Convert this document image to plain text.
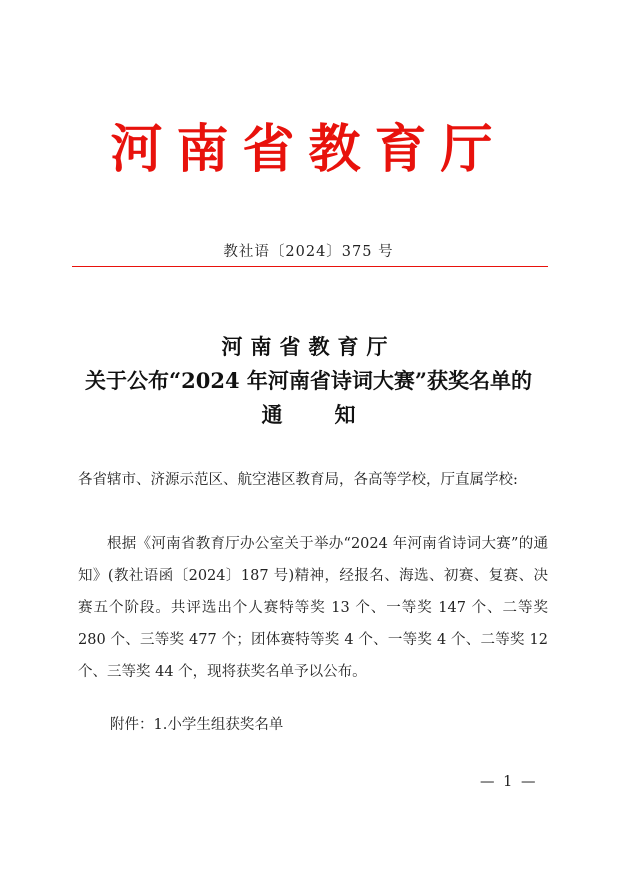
河南省教育厅
教社语〔2024〕375 号
河南省教育厅
关于公布“2024 年河南省诗词大赛”获奖名单的
通知
各省辖市、济源示范区、航空港区教育局，各高等学校，厅直属学校:
根据《河南省教育厅办公室关于举办“2024 年河南省诗词大赛”的通知》(教社语函〔2024〕187 号)精神，经报名、海选、初赛、复赛、决赛五个阶段。共评选出个人赛特等奖 13 个、一等奖 147 个、二等奖 280 个、三等奖 477 个；团体赛特等奖 4 个、一等奖 4 个、二等奖 12 个、三等奖 44 个，现将获奖名单予以公布。
附件：1.小学生组获奖名单
— 1 —
